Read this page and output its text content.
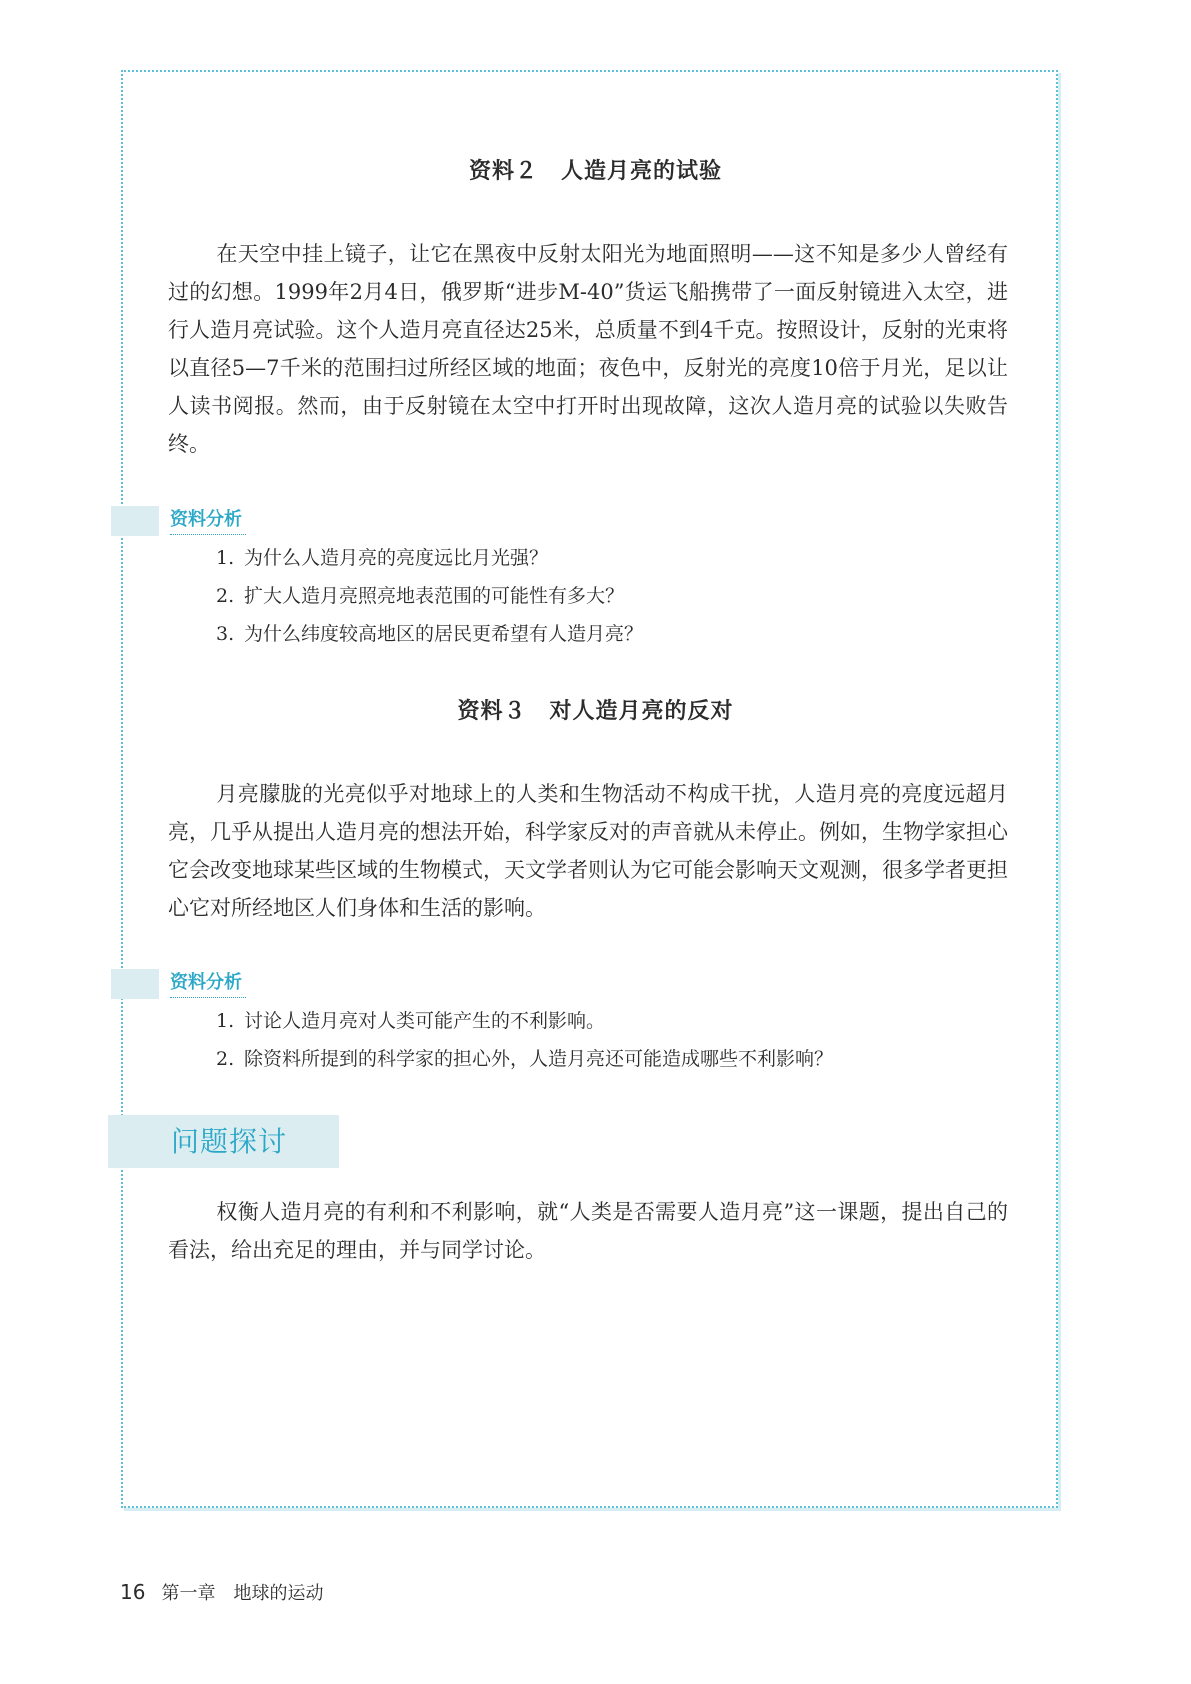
资料２　人造月亮的试验
在天空中挂上镜子，让它在黑夜中反射太阳光为地面照明——这不知是多少人曾经有过的幻想。1999年2月4日，俄罗斯“进步M-40”货运飞船携带了一面反射镜进入太空，进行人造月亮试验。这个人造月亮直径达25米，总质量不到4千克。按照设计，反射的光束将以直径5—7千米的范围扫过所经区域的地面；夜色中，反射光的亮度10倍于月光，足以让人读书阅报。然而，由于反射镜在太空中打开时出现故障，这次人造月亮的试验以失败告终。
资料分析
1. 为什么人造月亮的亮度远比月光强？
2. 扩大人造月亮照亮地表范围的可能性有多大？
3. 为什么纬度较高地区的居民更希望有人造月亮？
资料３　对人造月亮的反对
月亮朦胧的光亮似乎对地球上的人类和生物活动不构成干扰，人造月亮的亮度远超月亮，几乎从提出人造月亮的想法开始，科学家反对的声音就从未停止。例如，生物学家担心它会改变地球某些区域的生物模式，天文学者则认为它可能会影响天文观测，很多学者更担心它对所经地区人们身体和生活的影响。
资料分析
1. 讨论人造月亮对人类可能产生的不利影响。
2. 除资料所提到的科学家的担心外，人造月亮还可能造成哪些不利影响？
问题探讨
权衡人造月亮的有利和不利影响，就“人类是否需要人造月亮”这一课题，提出自己的看法，给出充足的理由，并与同学讨论。
16 第一章　地球的运动
